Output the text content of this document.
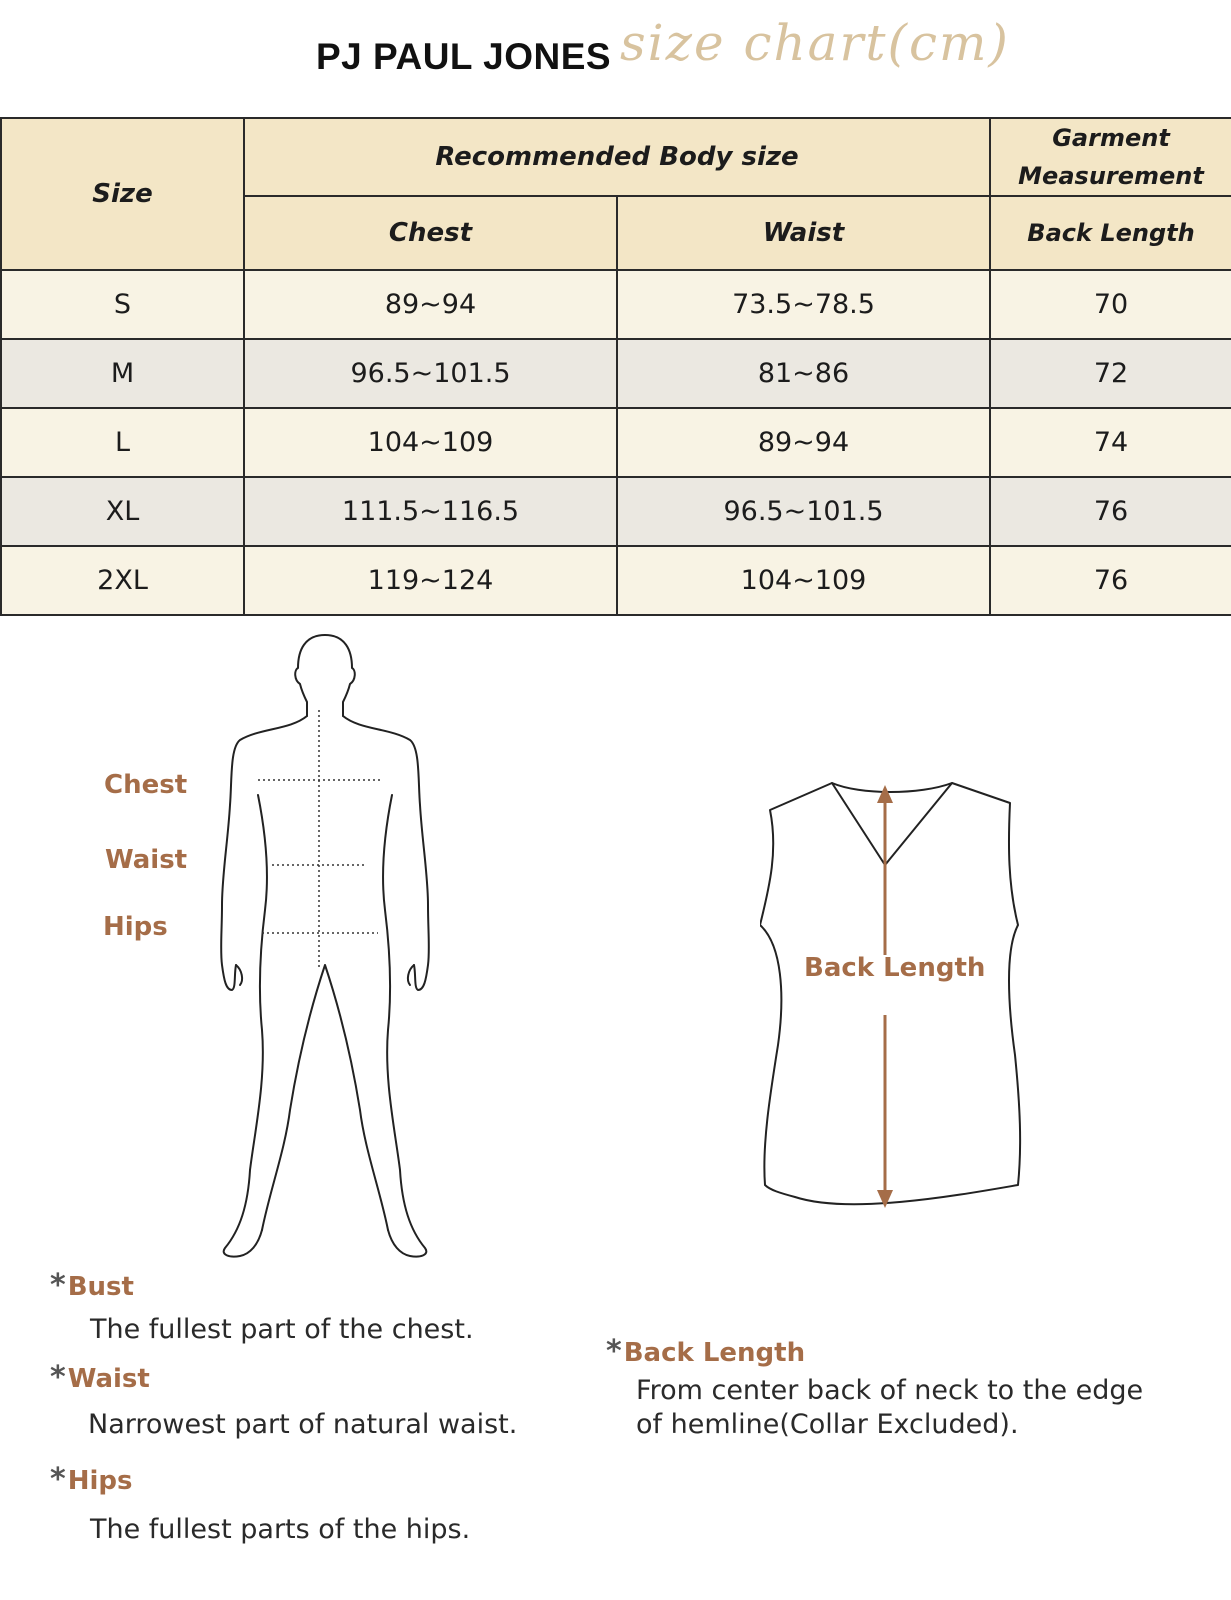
PJ PAUL JONES size chart(cm)
Size	Recommended Body size		Garment Measurement
	Chest	Waist	Back Length
S	89~94	73.5~78.5	70
M	96.5~101.5	81~86	72
L	104~109	89~94	74
XL	111.5~116.5	96.5~101.5	76
2XL	119~124	104~109	76
Chest
Waist
Hips
Back Length
*Bust
The fullest part of the chest.
*Waist
Narrowest part of natural waist.
*Hips
The fullest parts of the hips.
*Back Length
From center back of neck to the edge
of hemline(Collar Excluded).
